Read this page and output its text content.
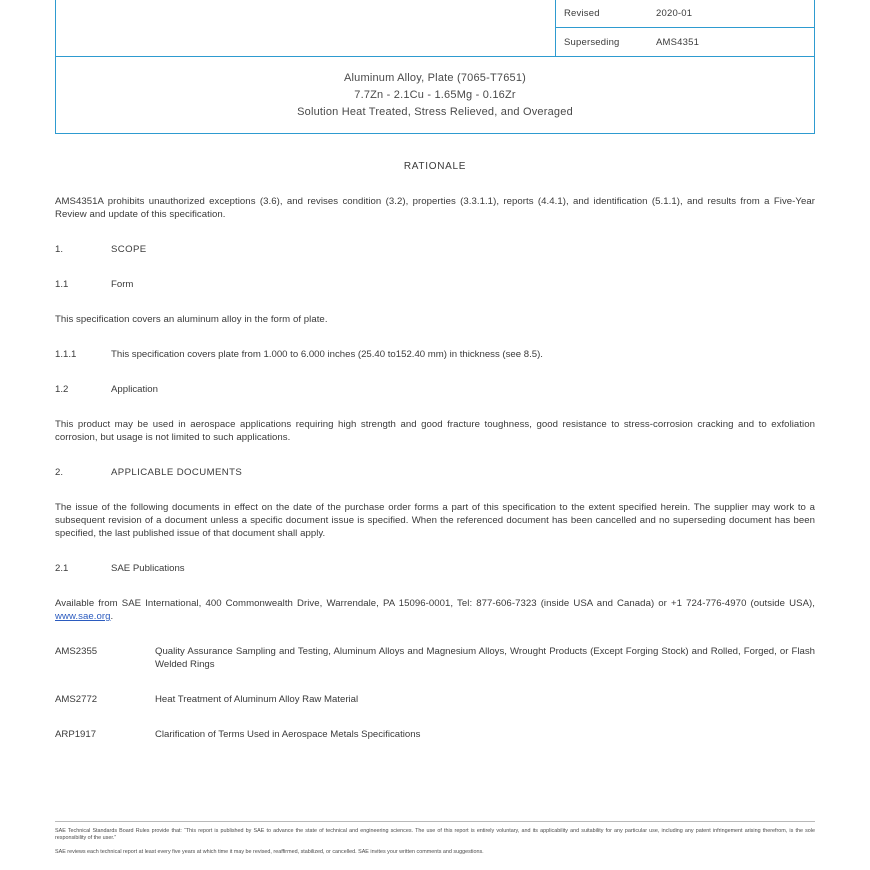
Revised	2020-01
Superseding	AMS4351
Aluminum Alloy, Plate (7065-T7651)
7.7Zn - 2.1Cu - 1.65Mg - 0.16Zr
Solution Heat Treated, Stress Relieved, and Overaged
RATIONALE

AMS4351A prohibits unauthorized exceptions (3.6), and revises condition (3.2), properties (3.3.1.1), reports (4.4.1), and identification (5.1.1), and results from a Five-Year Review and update of this specification.

1.	SCOPE
1.1	Form

This specification covers an aluminum alloy in the form of plate.

1.1.1	This specification covers plate from 1.000 to 6.000 inches (25.40 to152.40 mm) in thickness (see 8.5).
1.2	Application

This product may be used in aerospace applications requiring high strength and good fracture toughness, good resistance to stress-corrosion cracking and to exfoliation corrosion, but usage is not limited to such applications.

2.	APPLICABLE DOCUMENTS

The issue of the following documents in effect on the date of the purchase order forms a part of this specification to the extent specified herein. The supplier may work to a subsequent revision of a document unless a specific document issue is specified. When the referenced document has been cancelled and no superseding document has been specified, the last published issue of that document shall apply.

2.1	SAE Publications

Available from SAE International, 400 Commonwealth Drive, Warrendale, PA 15096-0001, Tel: 877-606-7323 (inside USA and Canada) or +1 724-776-4970 (outside USA), www.sae.org.

AMS2355	Quality Assurance Sampling and Testing, Aluminum Alloys and Magnesium Alloys, Wrought Products (Except Forging Stock) and Rolled, Forged, or Flash Welded Rings
AMS2772	Heat Treatment of Aluminum Alloy Raw Material
ARP1917	Clarification of Terms Used in Aerospace Metals Specifications

SAE Technical Standards Board Rules provide that: “This report is published by SAE to advance the state of technical and engineering sciences. The use of this report is entirely voluntary, and its applicability and suitability for any particular use, including any patent infringement arising therefrom, is the sole responsibility of the user.”

SAE reviews each technical report at least every five years at which time it may be revised, reaffirmed, stabilized, or cancelled. SAE invites your written comments and suggestions.
